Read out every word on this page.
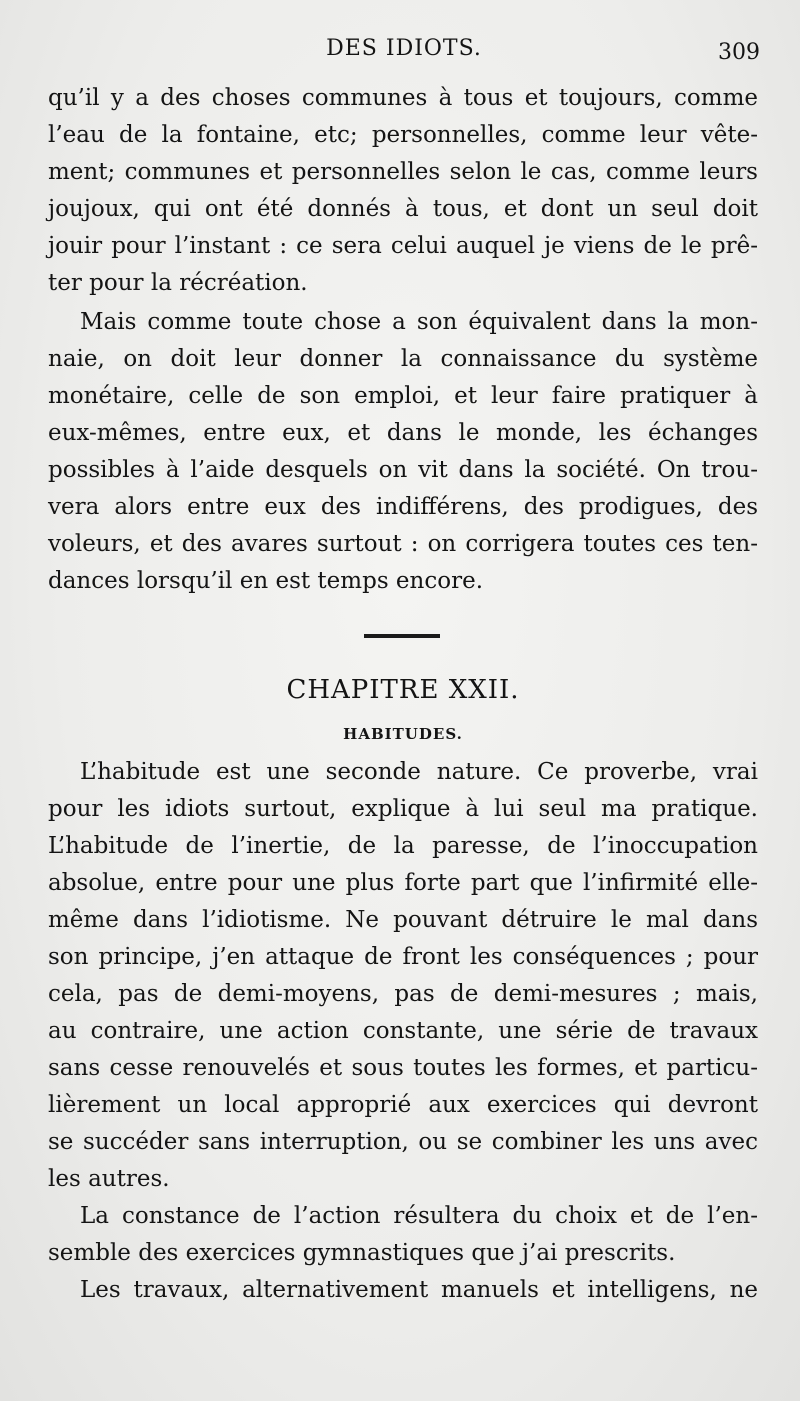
DES IDIOTS.	309
qu’il y a des choses communes à tous et toujours, comme
l’eau de la fontaine, etc; personnelles, comme leur vête-
ment; communes et personnelles selon le cas, comme leurs
joujoux, qui ont été donnés à tous, et dont un seul doit
jouir pour l’instant : ce sera celui auquel je viens de le prê-
ter pour la récréation.
Mais comme toute chose a son équivalent dans la mon-
naie, on doit leur donner la connaissance du système
monétaire, celle de son emploi, et leur faire pratiquer à
eux-mêmes, entre eux, et dans le monde, les échanges
possibles à l’aide desquels on vit dans la société. On trou-
vera alors entre eux des indifférens, des prodigues, des
voleurs, et des avares surtout : on corrigera toutes ces ten-
dances lorsqu’il en est temps encore.
CHAPITRE XXII.
HABITUDES.
L’habitude est une seconde nature. Ce proverbe, vrai
pour les idiots surtout, explique à lui seul ma pratique.
L’habitude de l’inertie, de la paresse, de l’inoccupation
absolue, entre pour une plus forte part que l’infirmité elle-
même dans l’idiotisme. Ne pouvant détruire le mal dans
son principe, j’en attaque de front les conséquences ; pour
cela, pas de demi-moyens, pas de demi-mesures ; mais,
au contraire, une action constante, une série de travaux
sans cesse renouvelés et sous toutes les formes, et particu-
lièrement un local approprié aux exercices qui devront
se succéder sans interruption, ou se combiner les uns avec
les autres.
La constance de l’action résultera du choix et de l’en-
semble des exercices gymnastiques que j’ai prescrits.
Les travaux, alternativement manuels et intelligens, ne
